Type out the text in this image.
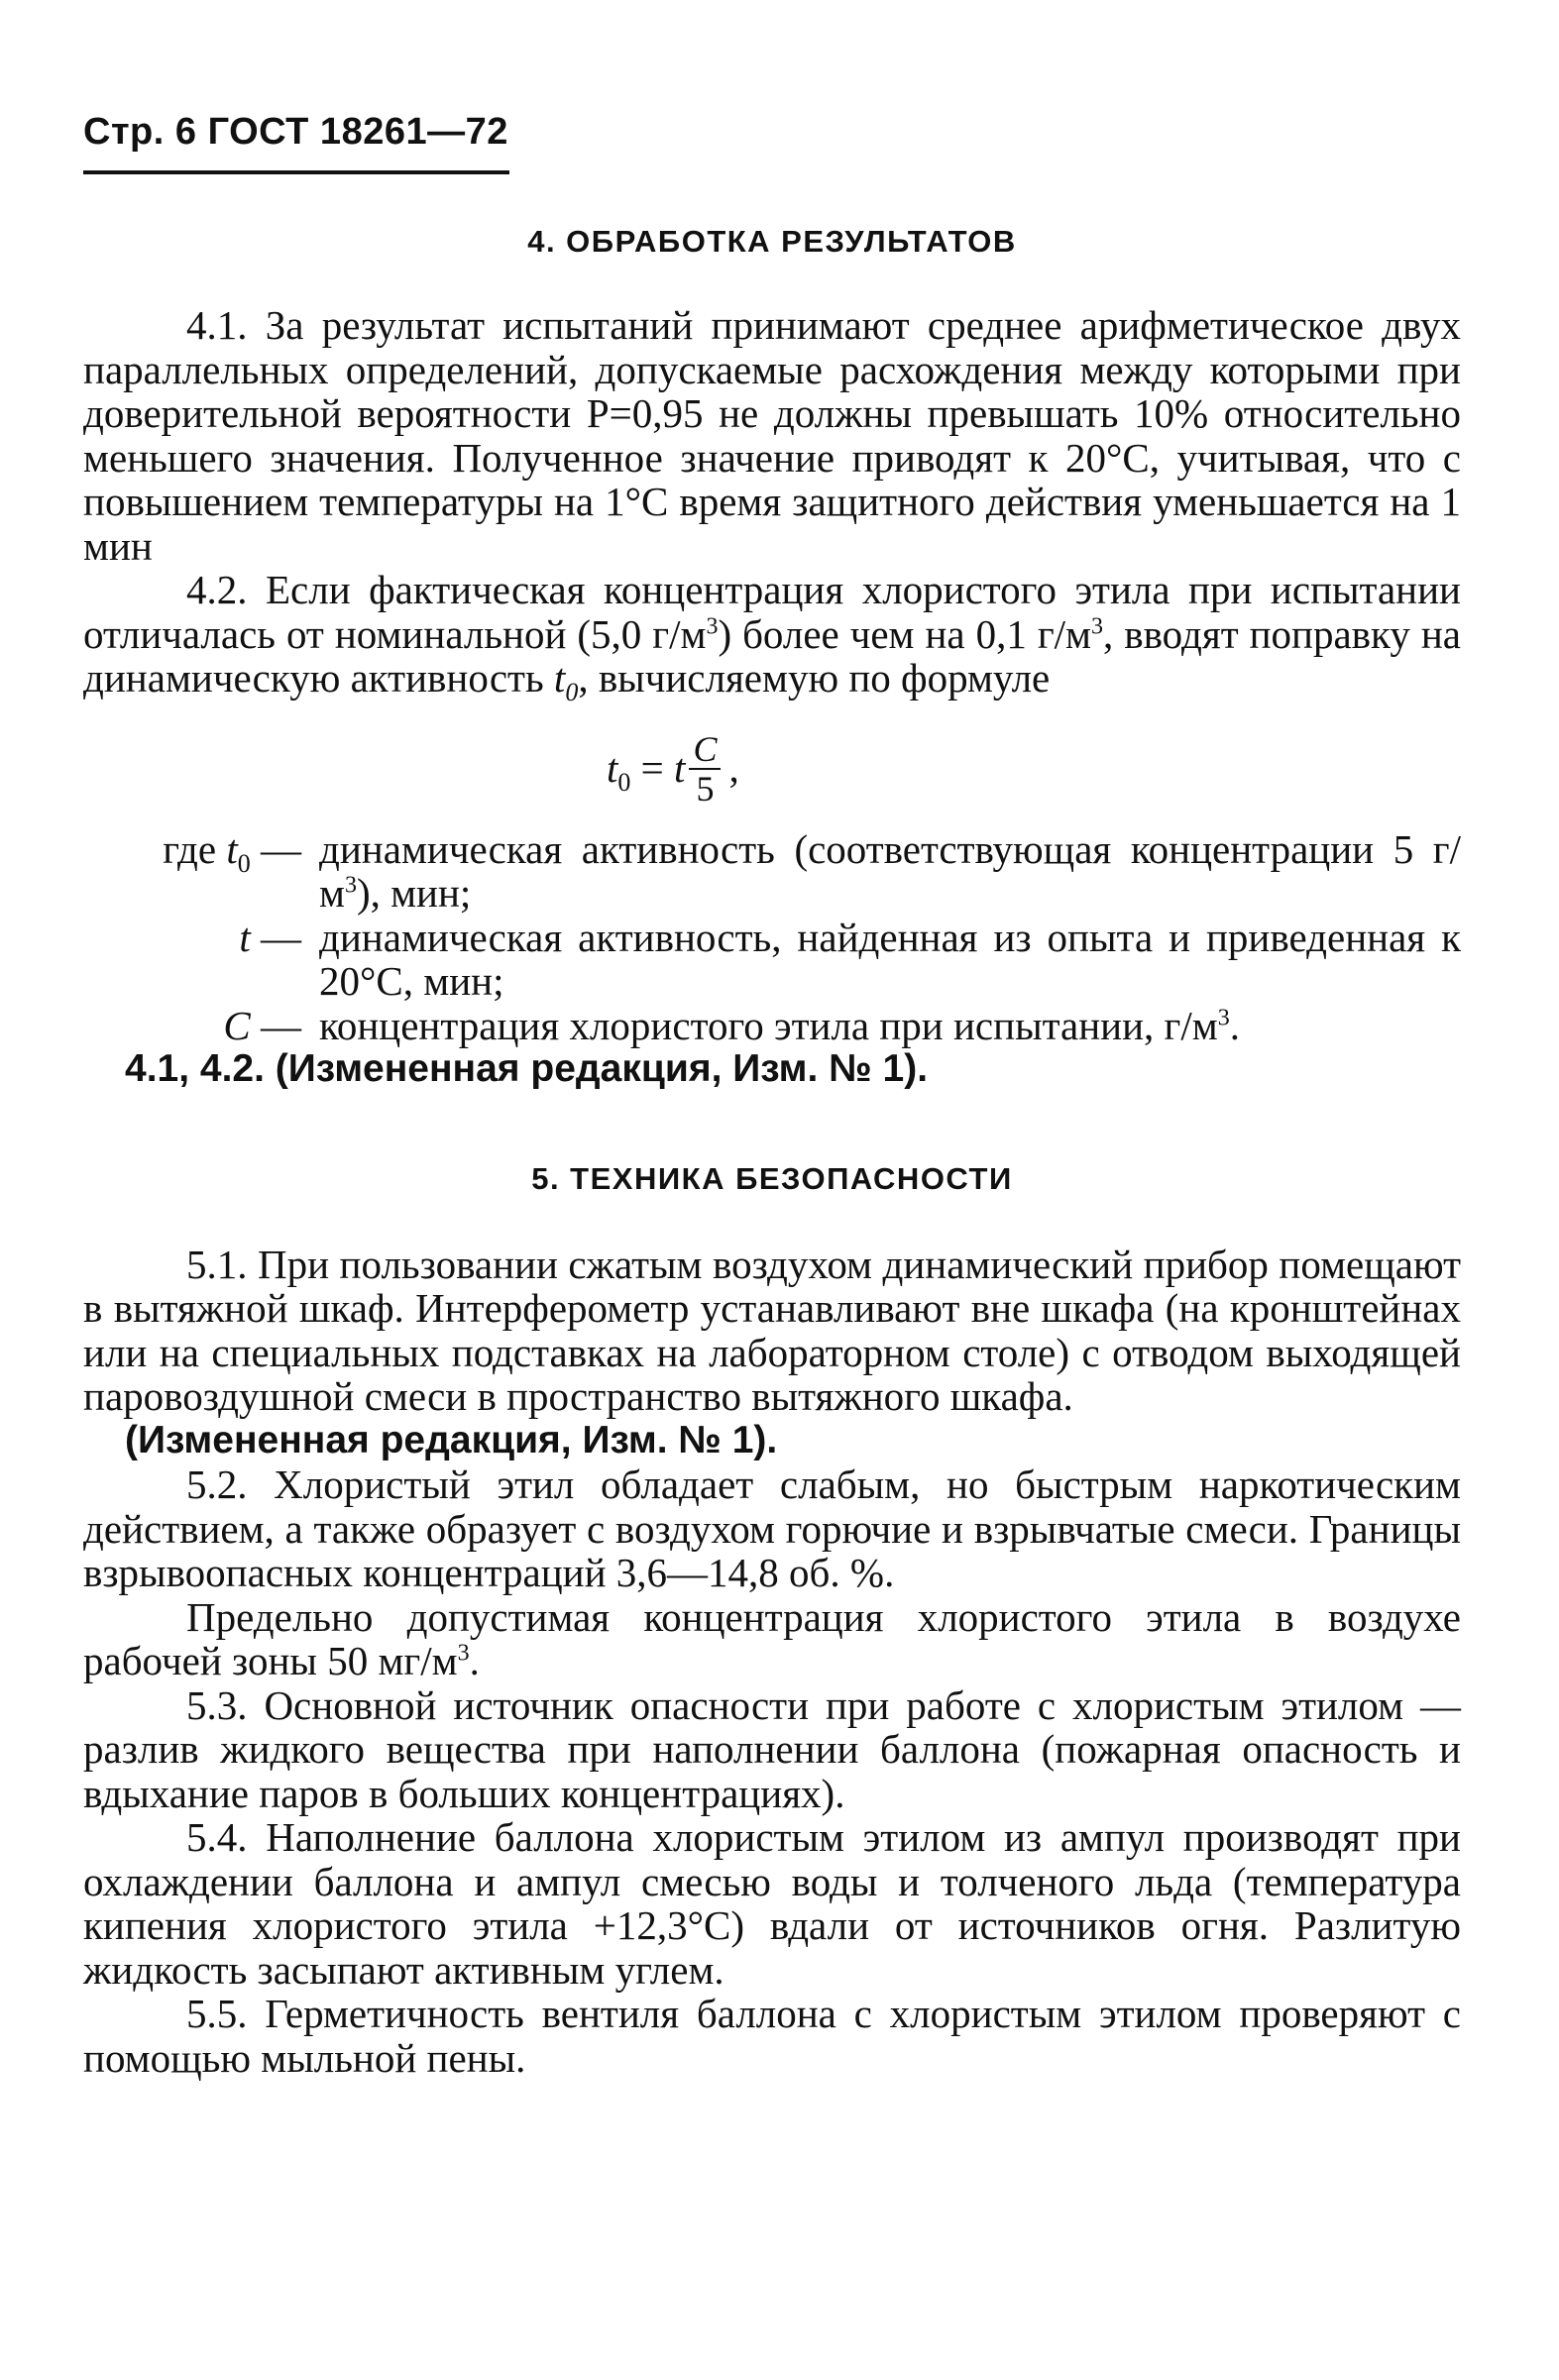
Стр. 6 ГОСТ 18261—72
4. ОБРАБОТКА РЕЗУЛЬТАТОВ

4.1. За результат испытаний принимают среднее арифметическое двух параллельных определений, допускаемые расхождения между которыми при доверительной вероятности Р=0,95 не должны превышать 10% относительно меньшего значения. Полученное значение приводят к 20°С, учитывая, что с повышением температуры на 1°С время защитного действия уменьшается на 1 мин

4.2. Если фактическая концентрация хлористого этила при испытании отличалась от номинальной (5,0 $г/м^3$) более чем на 0,1 $г/м^3$, вводят поправку на динамическую активность $t_0$, вычисляемую по формуле

$t_0 = t \frac{C}{5}$ ,
где $t_0$ — динамическая активность (соответствующая концентрации 5 $г/м^3$), мин;
t — динамическая активность, найденная из опыта и приведенная к 20°С, мин;
C — концентрация хлористого этила при испытании, $г/м^3$.

4.1, 4.2. (Измененная редакция, Изм. № 1).

5. ТЕХНИКА БЕЗОПАСНОСТИ

5.1. При пользовании сжатым воздухом динамический прибор помещают в вытяжной шкаф. Интерферометр устанавливают вне шкафа (на кронштейнах или на специальных подставках на лабораторном столе) с отводом выходящей паровоздушной смеси в пространство вытяжного шкафа.

(Измененная редакция, Изм. № 1).

5.2. Хлористый этил обладает слабым, но быстрым наркотическим действием, а также образует с воздухом горючие и взрывчатые смеси. Границы взрывоопасных концентраций 3,6—14,8 об. %.

Предельно допустимая концентрация хлористого этила в воздухе рабочей зоны 50 $мг/м^3$.

5.3. Основной источник опасности при работе с хлористым этилом — разлив жидкого вещества при наполнении баллона (пожарная опасность и вдыхание паров в больших концентрациях).

5.4. Наполнение баллона хлористым этилом из ампул производят при охлаждении баллона и ампул смесью воды и толченого льда (температура кипения хлористого этила +12,3°С) вдали от источников огня. Разлитую жидкость засыпают активным углем.

5.5. Герметичность вентиля баллона с хлористым этилом проверяют с помощью мыльной пены.
